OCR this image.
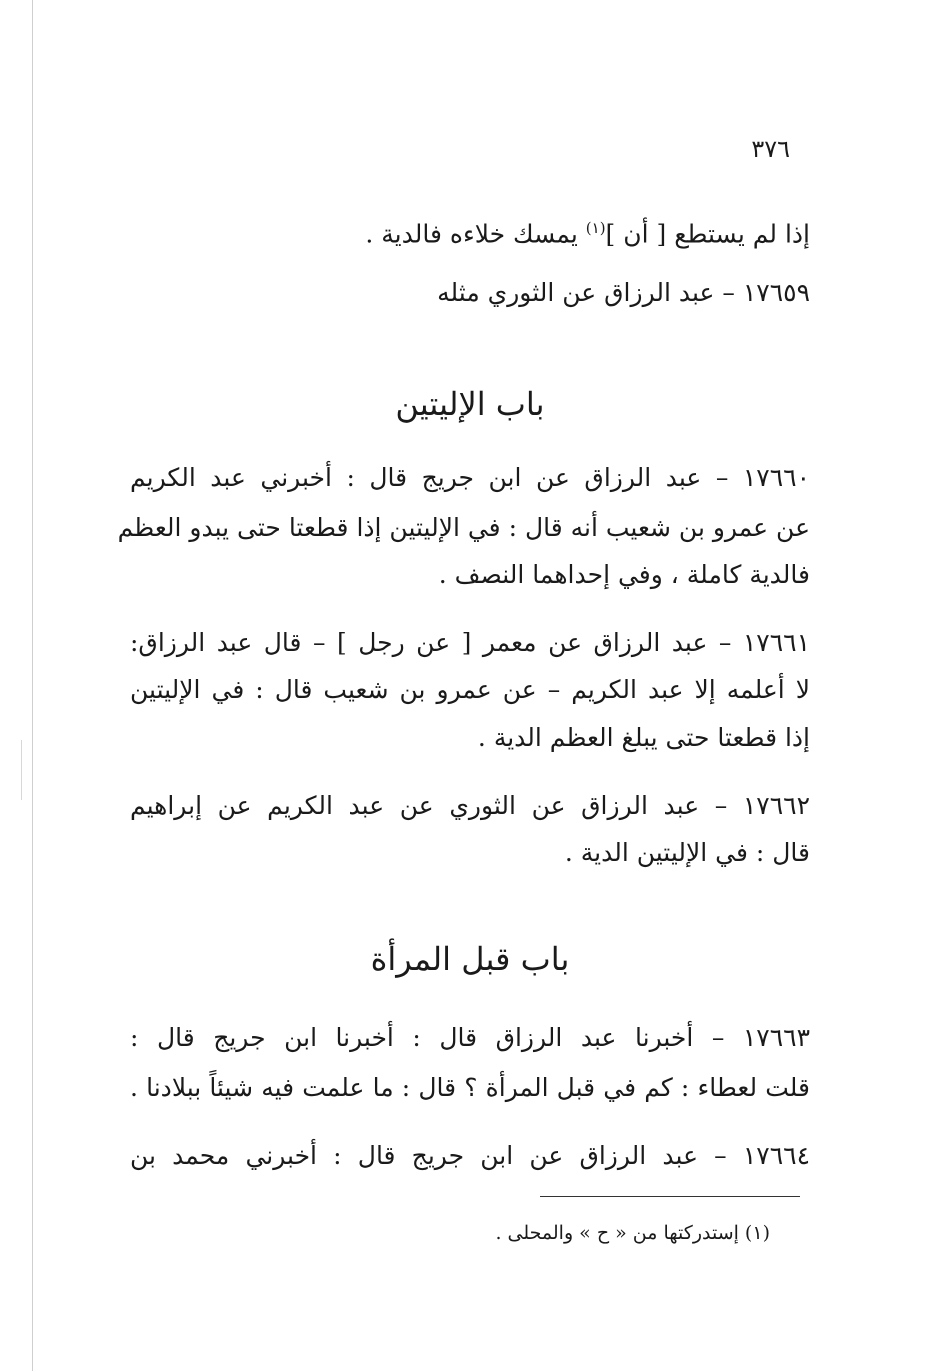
٣٧٦
إذا لم يستطع [ أن ]$^{(١)}$ يمسك خلاءه فالدية .
١٧٦٥٩ – عبد الرزاق عن الثوري مثله
باب الإليتين
١٧٦٦٠ – عبد الرزاق عن ابن جريج قال : أخبرني عبد الكريم
عن عمرو بن شعيب أنه قال : في الإليتين إذا قطعتا حتى يبدو العظم
فالدية كاملة ، وفي إحداهما النصف .
١٧٦٦١ – عبد الرزاق عن معمر [ عن رجل ] – قال عبد الرزاق:
لا أعلمه إلا عبد الكريم – عن عمرو بن شعيب قال : في الإليتين
إذا قطعتا حتى يبلغ العظم الدية .
١٧٦٦٢ – عبد الرزاق عن الثوري عن عبد الكريم عن إبراهيم
قال : في الإليتين الدية .
باب قبل المرأة
١٧٦٦٣ – أخبرنا عبد الرزاق قال : أخبرنا ابن جريج قال :
قلت لعطاء : كم في قبل المرأة ؟ قال : ما علمت فيه شيئاً ببلادنا .
١٧٦٦٤ – عبد الرزاق عن ابن جريج قال : أخبرني محمد بن
(١) إستدركتها من « ح » والمحلى .
